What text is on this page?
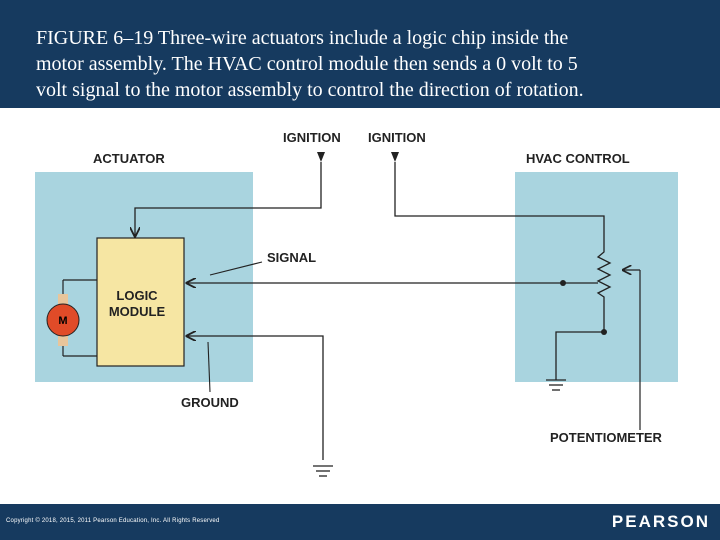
FIGURE 6–19 Three-wire actuators include a logic chip inside the
motor assembly. The HVAC control module then sends a 0 volt to 5
volt signal to the motor assembly to control the direction of rotation.
LOGIC
MODULE
M
IGNITION IGNITION
ACTUATOR	HVAC CONTROL
SIGNAL
GROUND
POTENTIOMETER
Copyright © 2018, 2015, 2011 Pearson Education, Inc. All Rights Reserved	PEARSON
